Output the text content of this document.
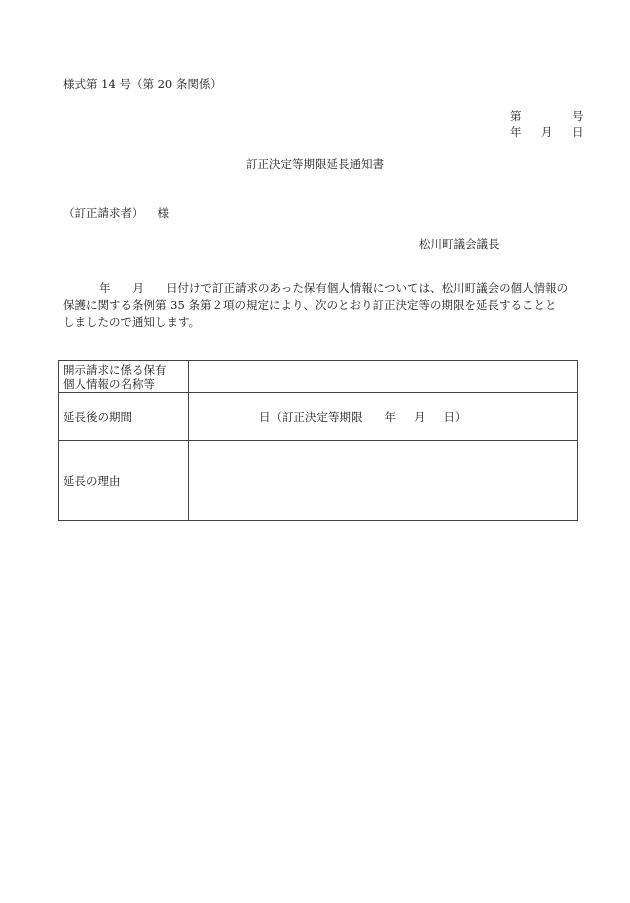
様式第 14 号（第 20 条関係）
第	号
年 月 日
訂正決定等期限延長通知書
（訂正請求者） 様
松川町議会議長
年 月 日付けで訂正請求のあった保有個人情報については、松川町議会の個人情報の
保護に関する条例第 35 条第２項の規定により、次のとおり訂正決定等の期限を延長することと
しましたので通知します。
開示請求に係る保有
個人情報の名称等	

延長後の期間	日（訂正決定等期限 年 月 日）
延長の理由	
